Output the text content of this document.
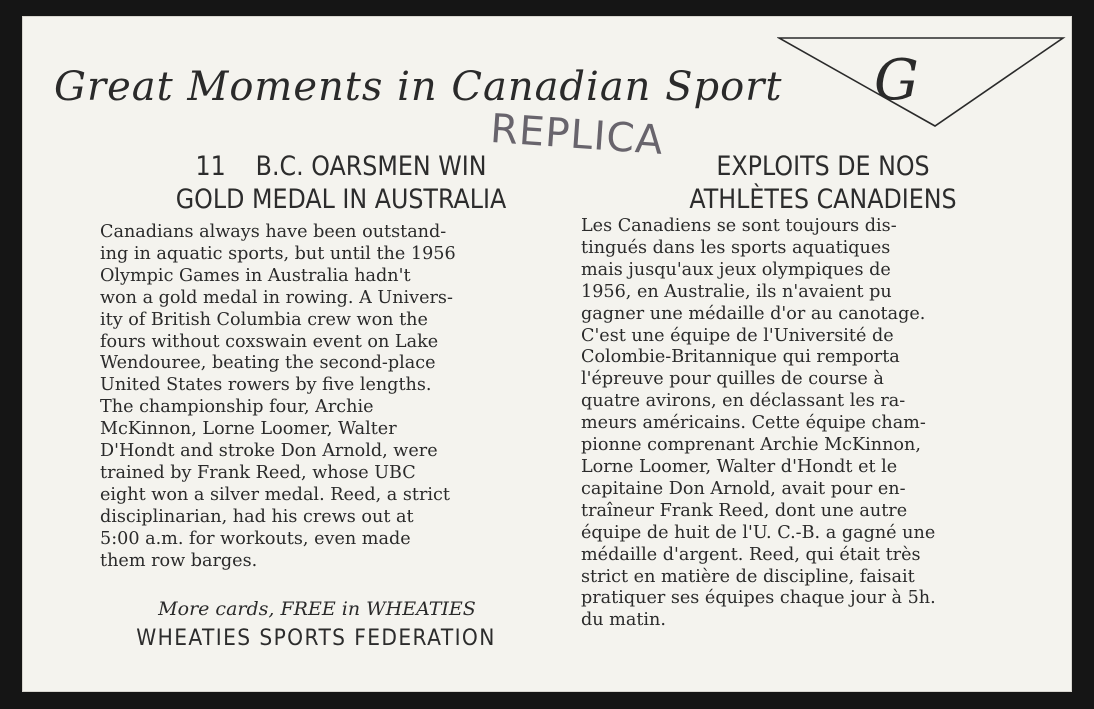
Great Moments in Canadian Sport G
11 B.C. OARSMEN WIN
GOLD MEDAL IN AUSTRALIA
EXPLOITS DE NOS
ATHLÈTES CANADIENS
REPLICA
Canadians always have been outstand-
ing in aquatic sports, but until the 1956
Olympic Games in Australia hadn't
won a gold medal in rowing. A Univers-
ity of British Columbia crew won the
fours without coxswain event on Lake
Wendouree, beating the second-place
United States rowers by five lengths.
The championship four, Archie
McKinnon, Lorne Loomer, Walter
D'Hondt and stroke Don Arnold, were
trained by Frank Reed, whose UBC
eight won a silver medal. Reed, a strict
disciplinarian, had his crews out at
5:00 a.m. for workouts, even made
them row barges.
Les Canadiens se sont toujours dis-
tingués dans les sports aquatiques
mais jusqu'aux jeux olympiques de
1956, en Australie, ils n'avaient pu
gagner une médaille d'or au canotage.
C'est une équipe de l'Université de
Colombie-Britannique qui remporta
l'épreuve pour quilles de course à
quatre avirons, en déclassant les ra-
meurs américains. Cette équipe cham-
pionne comprenant Archie McKinnon,
Lorne Loomer, Walter d'Hondt et le
capitaine Don Arnold, avait pour en-
traîneur Frank Reed, dont une autre
équipe de huit de l'U. C.-B. a gagné une
médaille d'argent. Reed, qui était très
strict en matière de discipline, faisait
pratiquer ses équipes chaque jour à 5h.
du matin.
More cards, FREE in WHEATIES
WHEATIES SPORTS FEDERATION
